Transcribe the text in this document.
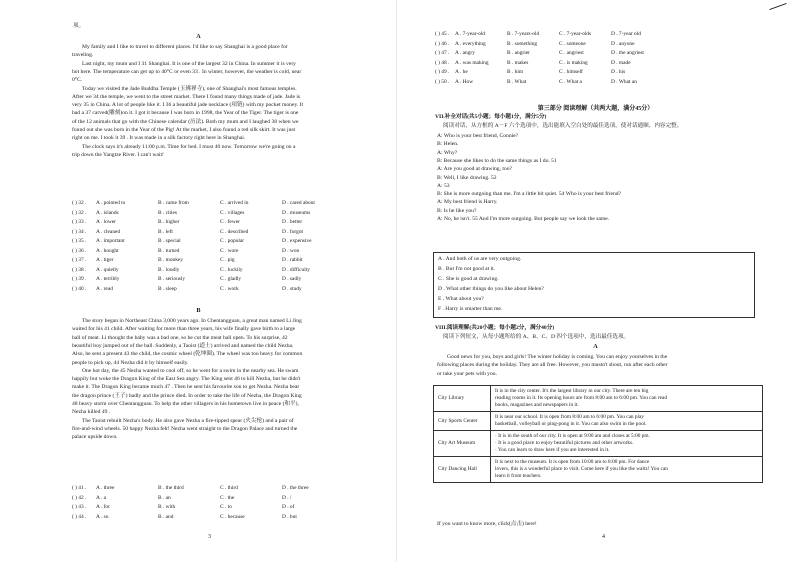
项。
A
My family and I like to travel to different places. I'd like to say Shanghai is a good place for
traveling.
Last night, my mum and I 31 Shanghai. It is one of the largest 32 in China. In summer it is very
hot here. The temperature can get up to 40°C or even 33 . In winter, however, the weather is cold, near
0°C.
Today we visited the Jade Buddha Temple (玉佛禅寺), one of Shanghai's most famous temples.
After we 34 the temple, we went to the street market. There I found many things made of jade. Jade is
very 35 in China. A lot of people like it. I 36 a beautiful jade necklace (项链) with my pocket money. It
had a 37 carved(雕刻)on it. I got it because I was born in 1998, the Year of the Tiger. The tiger is one
of the 12 animals that go with the Chinese calendar (历法). Both my mum and I laughed 38 when we
found out she was born in the Year of the Pig! At the market, I also found a red silk skirt. It was just
right on me. I took it 39 . It was made in a silk factory right here in Shanghai.
The clock says it's already 11:00 p.m. Time for bed. I must 40 now. Tomorrow we're going on a
trip down the Yangtze River. I can't wait!
( ) 32 . A . pointed to	B . came from	C . arrived in	D . cared about
( ) 32 . A . islands	B . cities	C . villages	D . museums
( ) 33 . A . lower	B . higher	C . fewer	D . better
( ) 34 . A . cleaned	B . left	C . described	D . forgot
( ) 35 . A . important	B . special	C . popular	D . expensive
( ) 36 . A . bought	B . turned	C . wore	D . won
( ) 37 . A . tiger	B . monkey	C . pig	D . rabbit
( ) 38 . A . quietly	B . loudly	C . luckily	D . difficulty
( ) 39 . A . terribly	B . seriously	C . gladly	D . sadly
( ) 40 . A . read	B . sleep	C . work	D . study
B
The story began in Northeast China 3,000 years ago. In Chentangguan, a great man named Li Jing
waited for his 41 child. After waiting for more than three years, his wife finally gave birth to a large
ball of meat. Li thought the baby was a bad one, so he cut the meat ball open. To his surprise, 42
beautiful boy jumped out of the ball. Suddenly, a Taoist (道士) arrived and named the child Nezha.
Also, he sent a present 43 the child, the cosmic wheel (乾坤圈). The wheel was too heavy for common
people to pick up, 44 Nezha did it by himself easily.
One hot day, the 45 Nezha wanted to cool off, so he went for a swim in the nearby sea. He swam
happily but woke the Dragon King of the East Sea angry. The King sent 46 to kill Nezha, but he didn't
make it. The Dragon King became much 47 . Then he sent his favourite son to get Nezha. Nezha beat
the dragon prince (王子) badly and the prince died. In order to take the life of Nezha, the Dragon King
48 heavy storm over Chentangguan. To help the other villagers in his hometown live in peace (和平),
Nezha killed 49 .
The Taoist rebuilt Nezha's body. He also gave Nezha a fire-tipped spear (火尖枪) and a pair of
fire-and-wind wheels. 50 happy Nezha felt! Nezha went straight to the Dragon Palace and turned the
palace upside down.
( ) 41 . A . three	B . the third	C . third	D . the three
( ) 42 . A . a	B . an	C . the	D . /
( ) 43 . A . for	B . with	C . to	D . of
( ) 44 . A . so	B . and	C . because	D . but
3
( ) 45 . A . 7-year-old	B . 7-years-old	C . 7-year-olds	D . 7-year old
( ) 46 . A . everything	B . something	C . someone	D . anyone
( ) 47 . A . angry	B . angrier	C . angriest	D . the angriest
( ) 48 . A . was making	B . makes	C . is making	D . made
( ) 49 . A . he	B . him	C . himself	D . his
( ) 50 . A . How	B . What	C . What a	D . What an
第三部分 阅读理解（共两大题，满分45分）
VII.补全对话(共5小题；每小题1分，满分5分)
阅读对话，从方框的 A－F 六个选项中，选出能填入空白处的最佳选项，使对话通顺、内容完整。
A: Who is your best friend, Connie?
B: Helen.
A: Why?
B: Because she likes to do the same things as I do. 51
A: Are you good at drawing, too?
B: Well, I like drawing. 52
A: 53
B: She is more outgoing than me. I'm a little bit quiet. 54 Who is your best friend?
A: My best friend is Harry.
B: Is he like you?
A: No, he isn't. 55 And I'm more outgoing. But people say we look the same.
A . And both of us are very outgoing.
B . But I'm not good at it.
C . She is good at drawing.
D . What other things do you like about Helen?
E . What about you?
F . Harry is smarter than me.
VIII.阅读理解(共20小题；每小题2分，满分40分)
阅读下列短文，从每小题所给的 A、B、C、D 四个选项中，选出最佳选项。
A
Good news for you, boys and girls! The winter holiday is coming. You can enjoy yourselves in the
following places during the holiday. They are all free. However, you mustn't shout, run after each other
or take your pets with you.
City Library	It is in the city center. It's the largest library in our city. There are ten big
reading rooms in it. Its opening hours are from 8:00 am to 6:00 pm. You can read
books, magazines and newspapers in it.

City Sports Center	It is near our school. It is open from 8:00 am to 6:00 pm. You can play
basketball, volleyball or ping-pong in it. You can also swim in the pool.

City Art Museum	· It is in the south of our city. It is open at 9:00 am and closes at 5:00 pm.
· It is a good place to enjoy beautiful pictures and other artworks.
· You can learn to draw here if you are interested in it.

City Dancing Hall	It is next to the museum. It is open from 10:00 am to 8:00 pm. For dance
lovers, this is a wonderful place to visit. Come here if you like the waltz! You can
learn it from teachers.
If you want to know more, click(点击) here!
4
